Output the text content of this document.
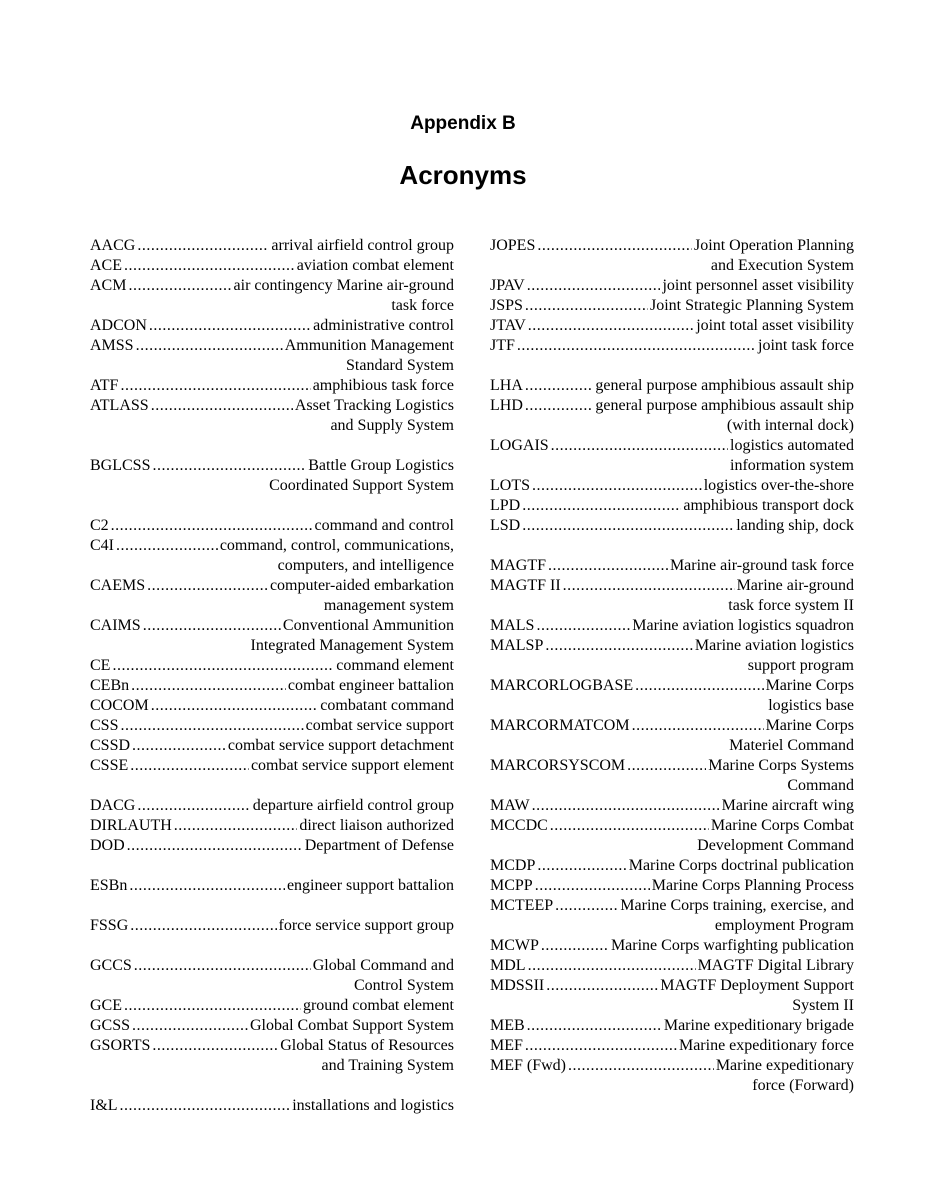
Appendix B
Acronyms
AACG .....	arrival airfield control group
ACE .....	aviation combat element
ACM .....	air contingency Marine air-ground
task force
ADCON .....	administrative control
AMSS .....	Ammunition Management
Standard System
ATF .....	amphibious task force
ATLASS .....	Asset Tracking Logistics
and Supply System
BGLCSS .....	Battle Group Logistics
Coordinated Support System
C2 .....	command and control
C4I .....	command, control, communications,
computers, and intelligence
CAEMS .....	computer-aided embarkation
management system
CAIMS .....	Conventional Ammunition
Integrated Management System
CE .....	command element
CEBn .....	combat engineer battalion
COCOM .....	combatant command
CSS .....	combat service support
CSSD .....	combat service support detachment
CSSE .....	combat service support element
DACG .....	departure airfield control group
DIRLAUTH .....	direct liaison authorized
DOD .....	Department of Defense
ESBn .....	engineer support battalion
FSSG .....	force service support group
GCCS .....	Global Command and
Control System
GCE .....	ground combat element
GCSS .....	Global Combat Support System
GSORTS .....	Global Status of Resources
and Training System
I&L .....	installations and logistics
JOPES .....	Joint Operation Planning
and Execution System
JPAV .....	joint personnel asset visibility
JSPS .....	Joint Strategic Planning System
JTAV .....	joint total asset visibility
JTF .....	joint task force
LHA .....	general purpose amphibious assault ship
LHD .....	general purpose amphibious assault ship
(with internal dock)
LOGAIS .....	logistics automated
information system
LOTS .....	logistics over-the-shore
LPD .....	amphibious transport dock
LSD .....	landing ship, dock
MAGTF .....	Marine air-ground task force
MAGTF II .....	Marine air-ground
task force system II
MALS .....	Marine aviation logistics squadron
MALSP .....	Marine aviation logistics
support program
MARCORLOGBASE .....	Marine Corps
logistics base
MARCORMATCOM .....	Marine Corps
Materiel Command
MARCORSYSCOM .....	Marine Corps Systems
Command
MAW .....	Marine aircraft wing
MCCDC .....	Marine Corps Combat
Development Command
MCDP .....	Marine Corps doctrinal publication
MCPP .....	Marine Corps Planning Process
MCTEEP .....	Marine Corps training, exercise, and
employment Program
MCWP .....	Marine Corps warfighting publication
MDL .....	MAGTF Digital Library
MDSSII .....	MAGTF Deployment Support
System II
MEB .....	Marine expeditionary brigade
MEF .....	Marine expeditionary force
MEF (Fwd) .....	Marine expeditionary
force (Forward)
